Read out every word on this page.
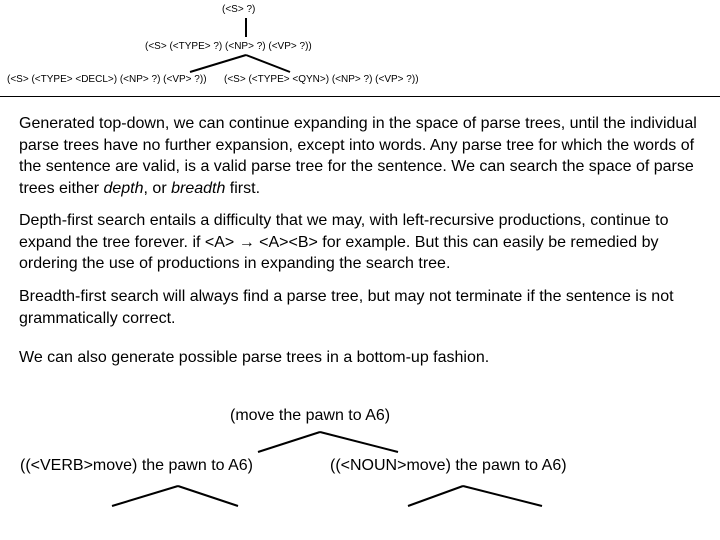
(<S> ?)
(<S> (<TYPE> ?) (<NP> ?) (<VP> ?))
(<S> (<TYPE> <DECL>) (<NP> ?) (<VP> ?)) (<S> (<TYPE> <QYN>) (<NP> ?) (<VP> ?))

Generated top-down, we can continue expanding in the space of parse trees, until the individual parse trees have no further expansion, except into words. Any parse tree for which the words of the sentence are valid, is a valid parse tree for the sentence. We can search the space of parse trees either depth, or breadth first.

Depth-first search entails a difficulty that we may, with left-recursive productions, continue to expand the tree forever. if <A> → <A><B> for example. But this can easily be remedied by ordering the use of productions in expanding the search tree.

Breadth-first search will always find a parse tree, but may not terminate if the sentence is not grammatically correct.

We can also generate possible parse trees in a bottom-up fashion.

(move the pawn to A6)
((<VERB>move) the pawn to A6)	((<NOUN>move) the pawn to A6)
